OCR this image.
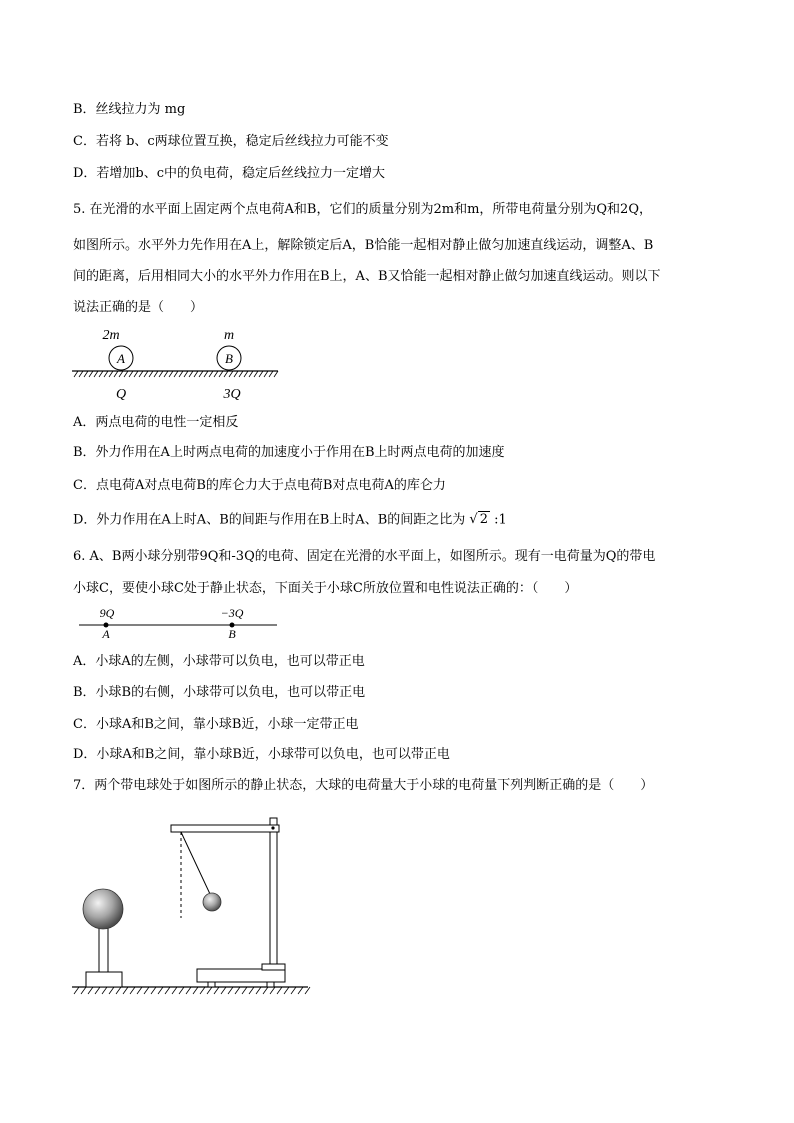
B．丝线拉力为 mg
C．若将 b、c两球位置互换，稳定后丝线拉力可能不变
D．若增加b、c中的负电荷，稳定后丝线拉力一定增大
5. 在光滑的水平面上固定两个点电荷A和B，它们的质量分别为2m和m，所带电荷量分别为Q和2Q，
如图所示。水平外力先作用在A上，解除锁定后A，B恰能一起相对静止做匀加速直线运动，调整A、B
间的距离，后用相同大小的水平外力作用在B上，A、B又恰能一起相对静止做匀加速直线运动。则以下
说法正确的是（　　）
2m	m
A	B
Q	3Q
A．两点电荷的电性一定相反
B．外力作用在A上时两点电荷的加速度小于作用在B上时两点电荷的加速度
C．点电荷A对点电荷B的库仑力大于点电荷B对点电荷A的库仑力
D．外力作用在A上时A、B的间距与作用在B上时A、B的间距之比为 √ 2 :1
6. A、B两小球分别带9Q和-3Q的电荷、固定在光滑的水平面上，如图所示。现有一电荷量为Q的带电
小球C，要使小球C处于静止状态，下面关于小球C所放位置和电性说法正确的：（　　）
9Q	−3Q
A	B
A．小球A的左侧，小球带可以负电，也可以带正电
B．小球B的右侧，小球带可以负电，也可以带正电
C．小球A和B之间，靠小球B近，小球一定带正电
D．小球A和B之间，靠小球B近，小球带可以负电，也可以带正电
7．两个带电球处于如图所示的静止状态，大球的电荷量大于小球的电荷量下列判断正确的是（　　）
